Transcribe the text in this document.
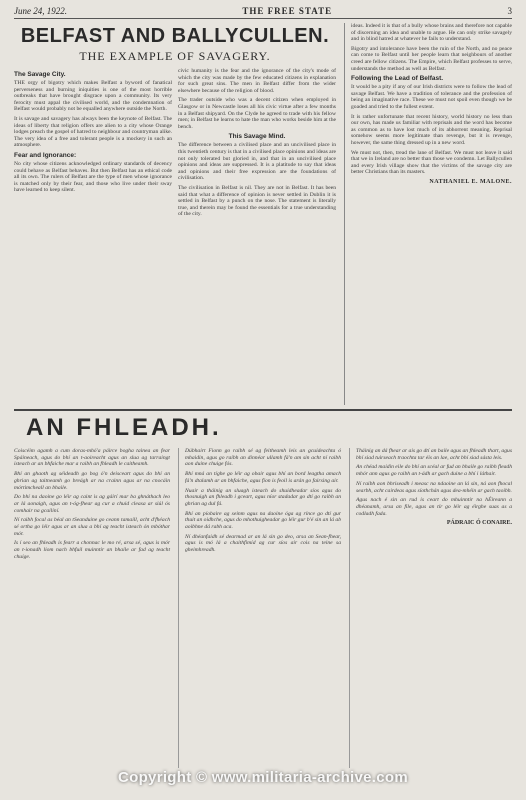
June 24, 1922.	THE FREE STATE	3
BELFAST AND BALLYCULLEN.
THE EXAMPLE OF SAVAGERY.
The Savage City.

THE orgy of bigotry which makes Belfast a byword of fanatical perverseness and burning iniquities is one of the most horrible outbreaks that have brought disgrace upon a community. Its very ferocity must appal the civilised world, and the condemnation of Belfast would probably not be equalled anywhere outside the North.

It is savage and savagery has always been the keynote of Belfast. The ideas of liberty that religion offers are alien to a city whose Orange lodges preach the gospel of hatred to neighbour and countryman alike. The very idea of a free and tolerant people is a mockery in such an atmosphere.

Fear and Ignorance:

No city whose citizens acknowledged ordinary standards of decency could behave as Belfast behaves. But then Belfast has an ethical code all its own. The rulers of Belfast are the type of men whose ignorance is matched only by their fear, and those who live under their sway have learned to keep silent.

civic humanity is the fear and the ignorance of the city's mode of which the city was made by the few educated citizens in explanation for such great sins. The men in Belfast differ from the wider elsewhere because of the religion of blood.

The trader outside who was a decent citizen when employed in Glasgow or in Newcastle loses all his civic virtue after a few months in a Belfast shipyard. On the Clyde he agreed to trade with his fellow men; in Belfast he learns to hate the man who works beside him at the bench.

This Savage Mind.

The difference between a civilised place and an uncivilised place in this twentieth century is that in a civilised place opinions and ideas are not only tolerated but gloried in, and that in an uncivilised place opinions and ideas are suppressed. It is a platitude to say that ideas and opinions and their free expression are the foundations of civilisation.

The civilisation in Belfast is nil. They are not in Belfast. It has been said that what a difference of opinion is never settled in Dublin it is settled in Belfast by a punch on the nose. The statement is literally true, and therein may be found the essentials for a true understanding of the city.

ideas. Indeed it is that of a bully whose brains and therefore not capable of discerning an idea and unable to argue. He can only strike savagely and in blind hatred at whatever he fails to understand.

Bigotry and intolerance have been the ruin of the North, and no peace can come to Belfast until her people learn that neighbours of another creed are fellow citizens. The Empire, which Belfast professes to serve, understands the method as well as Belfast.

Following the Lead of Belfast.

It would be a pity if any of our Irish districts were to follow the lead of savage Belfast. We have a tradition of tolerance and the profession of being an imaginative race. These we must not spoil even though we be goaded and tried to the fullest extent.

It is rather unfortunate that recent history, world history no less than our own, has made us familiar with reprisals and the word has become as common as to have lost much of its abhorrent meaning. Reprisal somehow seems more legitimate than revenge, but it is revenge, however, the same thing dressed up in a new word.

We must not, then, tread the lane of Belfast. We must not leave it said that we in Ireland are no better than those we condemn. Let Ballycullen and every Irish village show that the victims of the savage city are better Christians than its masters.

NATHANIEL E. MALONE.
AN FHLEADH.

Coiscéim agamh a cum doras-mhó'a páirce bogha tainea an fear Spáineach, agus do bhí an t-aoireacht agus an slua ag tarraingt isteach ar an bhfaiche mar a raibh an fhleadh le caitheamh.

Bhí an ghaoth ag séideadh go bog ó'n deisceart agus do bhí an ghrian ag taitneamh go breágh ar na crainn agus ar na cnocáin mórtimcheall an bhaile.

Do bhí na daoine go léir ag caint is ag gáirí mar ba ghnáthach leo ar lá aonaigh, agus an t-óg-fhear ag cur a chuid cleasa ar siúl ós comhair na gcailíní.

Ní raibh focal as béal an tSeanduine go ceann tamaill, acht d'fhéach sé ortha go léir agus ar an slua a bhí ag teacht isteach ón mbóthar mór.

Is í seo an fhleadh is fearr a chonnac le mo ré, arsa sé, agus is mór an t-ionadh liom nach bhfuil muinntir an bhaile ar fad ag teacht chuige.

Dúbhairt Fionn go raibh sé ag feitheamh leis an gcuideachta ó mhaidin, agus go raibh an dinnéar ullamh fá'n am sin acht ní raibh aon duine chuige fós.

Bhí mná an tíghe go léir ag obair agus bhí an bord leagtha amach fá'n dtalamh ar an bhfaiche, agus fíon is feoil is arán go fairsing air.

Nuair a tháinig an sluagh isteach do shuidheadar síos agus do thosnuigh an fhleadh i gceart, agus níor stadadar go dtí go raibh an ghrian ag dul fá.

Bhí an píobaire ag seinm agus na daoine óga ag rínce go dtí gur thuit an oidhche, agus do mhothuigheadar go léir gur b'é sin an lá ab aoibhne dá rabh aca.

Ní dhéanfaidh sé dearmad ar an lá sin go deo, arsa an Sean-fhear, agus is mó lá a chaithfimíd ag cur síos air cois na teine sa gheimhreadh.

Tháinig an dá fhear ar ais go dtí an baile agus an fhleadh thart, agus bhí siad tuirseach traochta tar éis an lae, acht bhí siad sásta leis.

An chéad maidin eile do bhí an scéal ar fud an bhaile go raibh fleadh mhór ann agus go raibh an t-ádh ar gach duine a bhí i láthair.

Ní raibh aon bhriseadh i measc na ndaoine an lá sin, ná aon fhocal searbh, acht cairdeas agus síothchán agus dea-mhéin ar gach taoibh.

Agus nach é sin an rud is ceart do mhuinntir na hÉireann a dhéanamh, arsa an file, agus an tír go léir ag éirghe suas as a codladh fada.

PÁDRAIC Ó CONAIRE.
Copyright © www.militaria-archive.com
